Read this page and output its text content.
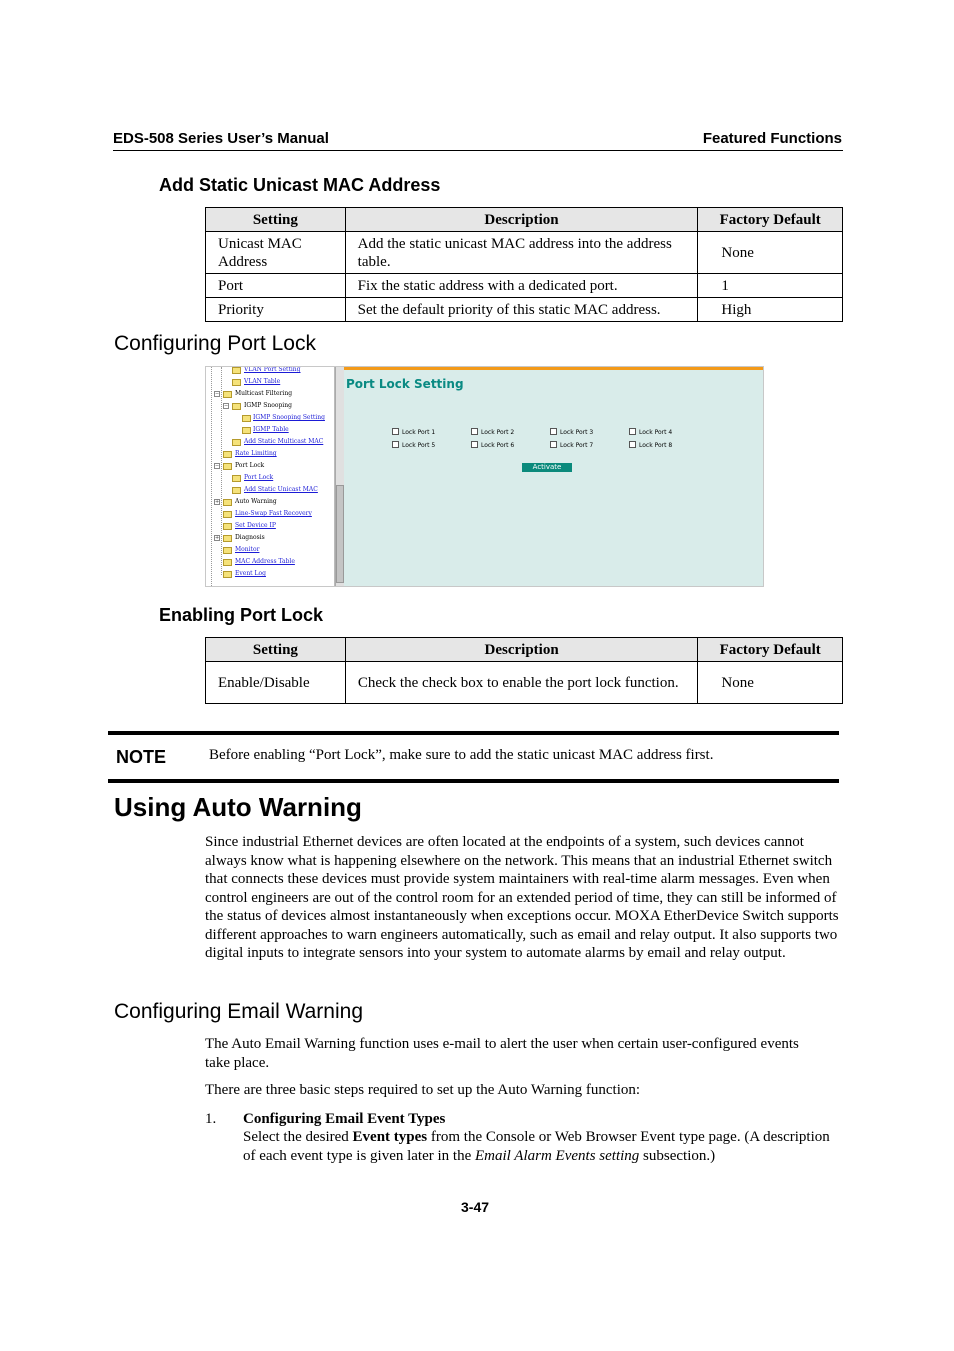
EDS-508 Series User’s Manual	Featured Functions
Add Static Unicast MAC Address
Setting	Description	Factory Default
Unicast MAC Address	Add the static unicast MAC address into the address table.	None
Port	Fix the static address with a dedicated port.	1
Priority	Set the default priority of this static MAC address.	High
Configuring Port Lock
VLAN Port Setting
VLAN Table
−	Multicast Filtering
−	IGMP Snooping
IGMP Snooping Setting
IGMP Table
Add Static Multicast MAC
Rate Limiting
−	Port Lock
Port Lock
Add Static Unicast MAC
+	Auto Warning
Line-Swap Fast Recovery
Set Device IP
+	Diagnosis
Monitor
MAC Address Table
Event Log
Port Lock Setting
Lock Port 1	Lock Port 2	Lock Port 3	Lock Port 4
Lock Port 5	Lock Port 6	Lock Port 7	Lock Port 8
Activate
Enabling Port Lock
Setting	Description	Factory Default
Enable/Disable	Check the check box to enable the port lock function.	None
NOTE	Before enabling “Port Lock”, make sure to add the static unicast MAC address first.
Using Auto Warning
Since industrial Ethernet devices are often located at the endpoints of a system, such devices cannot always know what is happening elsewhere on the network. This means that an industrial Ethernet switch that connects these devices must provide system maintainers with real-time alarm messages. Even when control engineers are out of the control room for an extended period of time, they can still be informed of the status of devices almost instantaneously when exceptions occur. MOXA EtherDevice Switch supports different approaches to warn engineers automatically, such as email and relay output. It also supports two digital inputs to integrate sensors into your system to automate alarms by email and relay output.
Configuring Email Warning
The Auto Email Warning function uses e-mail to alert the user when certain user-configured events take place.
There are three basic steps required to set up the Auto Warning function:
1. Configuring Email Event Types
Select the desired Event types from the Console or Web Browser Event type page. (A description of each event type is given later in the Email Alarm Events setting subsection.)
3-47
